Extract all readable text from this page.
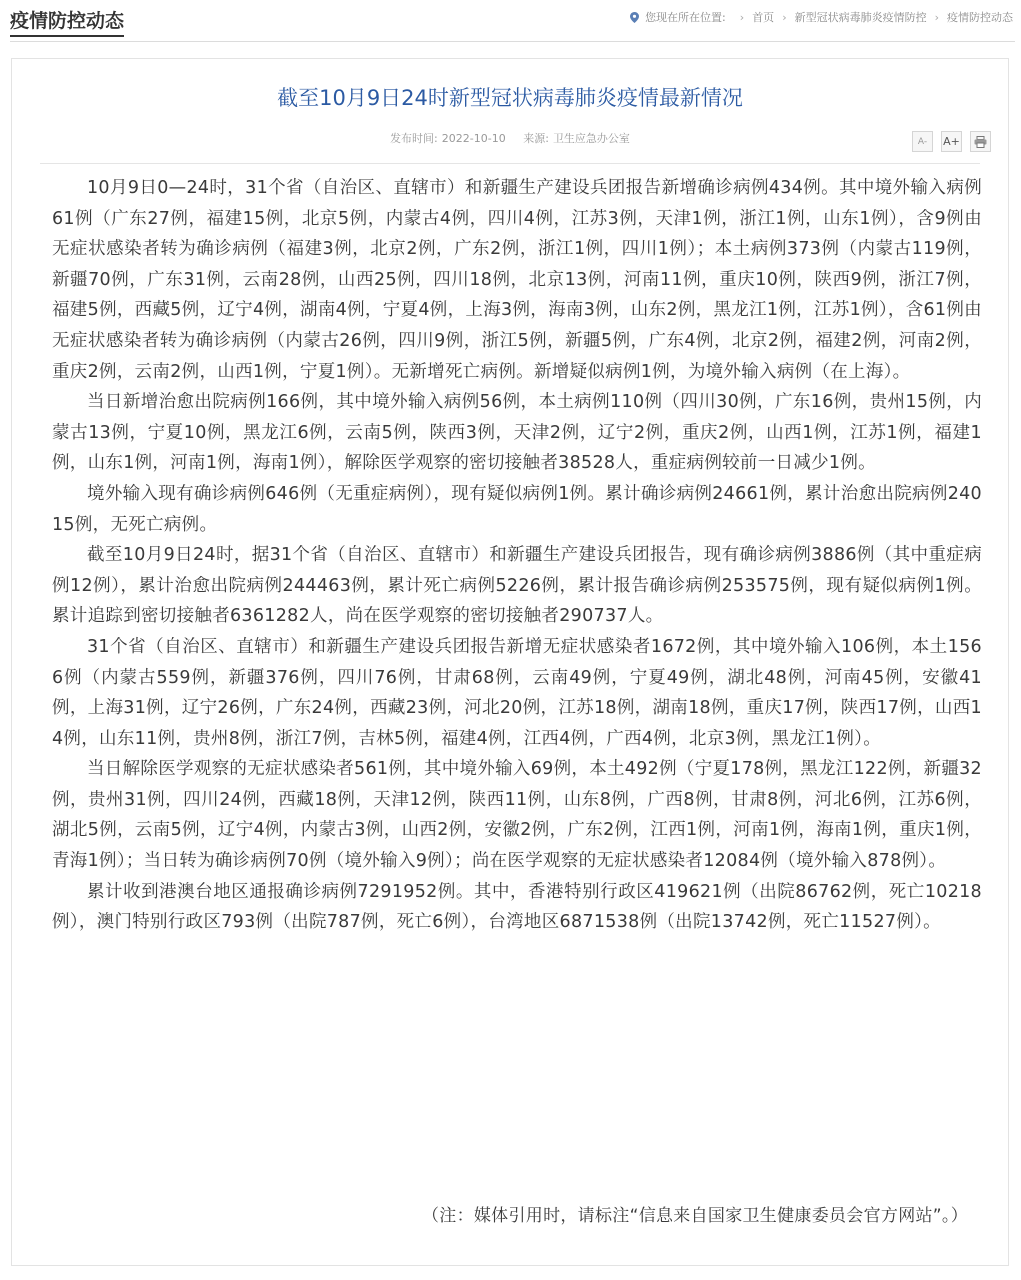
疫情防控动态	您现在所在位置: › 首页 › 新型冠状病毒肺炎疫情防控 › 疫情防控动态
截至10月9日24时新型冠状病毒肺炎疫情最新情况
发布时间: 2022-10-10 来源: 卫生应急办公室	A- A+

10月9日0—24时，31个省（自治区、直辖市）和新疆生产建设兵团报告新增确诊病例434例。其中境外输入病例61例（广东27例，福建15例，北京5例，内蒙古4例，四川4例，江苏3例，天津1例，浙江1例，山东1例），含9例由无症状感染者转为确诊病例（福建3例，北京2例，广东2例，浙江1例，四川1例）；本土病例373例（内蒙古119例，新疆70例，广东31例，云南28例，山西25例，四川18例，北京13例，河南11例，重庆10例，陕西9例，浙江7例，福建5例，西藏5例，辽宁4例，湖南4例，宁夏4例，上海3例，海南3例，山东2例，黑龙江1例，江苏1例），含61例由无症状感染者转为确诊病例（内蒙古26例，四川9例，浙江5例，新疆5例，广东4例，北京2例，福建2例，河南2例，重庆2例，云南2例，山西1例，宁夏1例）。无新增死亡病例。新增疑似病例1例，为境外输入病例（在上海）。

当日新增治愈出院病例166例，其中境外输入病例56例，本土病例110例（四川30例，广东16例，贵州15例，内蒙古13例，宁夏10例，黑龙江6例，云南5例，陕西3例，天津2例，辽宁2例，重庆2例，山西1例，江苏1例，福建1例，山东1例，河南1例，海南1例），解除医学观察的密切接触者38528人，重症病例较前一日减少1例。

境外输入现有确诊病例646例（无重症病例），现有疑似病例1例。累计确诊病例24661例，累计治愈出院病例24015例，无死亡病例。

截至10月9日24时，据31个省（自治区、直辖市）和新疆生产建设兵团报告，现有确诊病例3886例（其中重症病例12例），累计治愈出院病例244463例，累计死亡病例5226例，累计报告确诊病例253575例，现有疑似病例1例。累计追踪到密切接触者6361282人，尚在医学观察的密切接触者290737人。

31个省（自治区、直辖市）和新疆生产建设兵团报告新增无症状感染者1672例，其中境外输入106例，本土1566例（内蒙古559例，新疆376例，四川76例，甘肃68例，云南49例，宁夏49例，湖北48例，河南45例，安徽41例，上海31例，辽宁26例，广东24例，西藏23例，河北20例，江苏18例，湖南18例，重庆17例，陕西17例，山西14例，山东11例，贵州8例，浙江7例，吉林5例，福建4例，江西4例，广西4例，北京3例，黑龙江1例）。

当日解除医学观察的无症状感染者561例，其中境外输入69例，本土492例（宁夏178例，黑龙江122例，新疆32例，贵州31例，四川24例，西藏18例，天津12例，陕西11例，山东8例，广西8例，甘肃8例，河北6例，江苏6例，湖北5例，云南5例，辽宁4例，内蒙古3例，山西2例，安徽2例，广东2例，江西1例，河南1例，海南1例，重庆1例，青海1例）；当日转为确诊病例70例（境外输入9例）；尚在医学观察的无症状感染者12084例（境外输入878例）。

累计收到港澳台地区通报确诊病例7291952例。其中，香港特别行政区419621例（出院86762例，死亡10218例），澳门特别行政区793例（出院787例，死亡6例），台湾地区6871538例（出院13742例，死亡11527例）。

（注：媒体引用时，请标注“信息来自国家卫生健康委员会官方网站”。）
